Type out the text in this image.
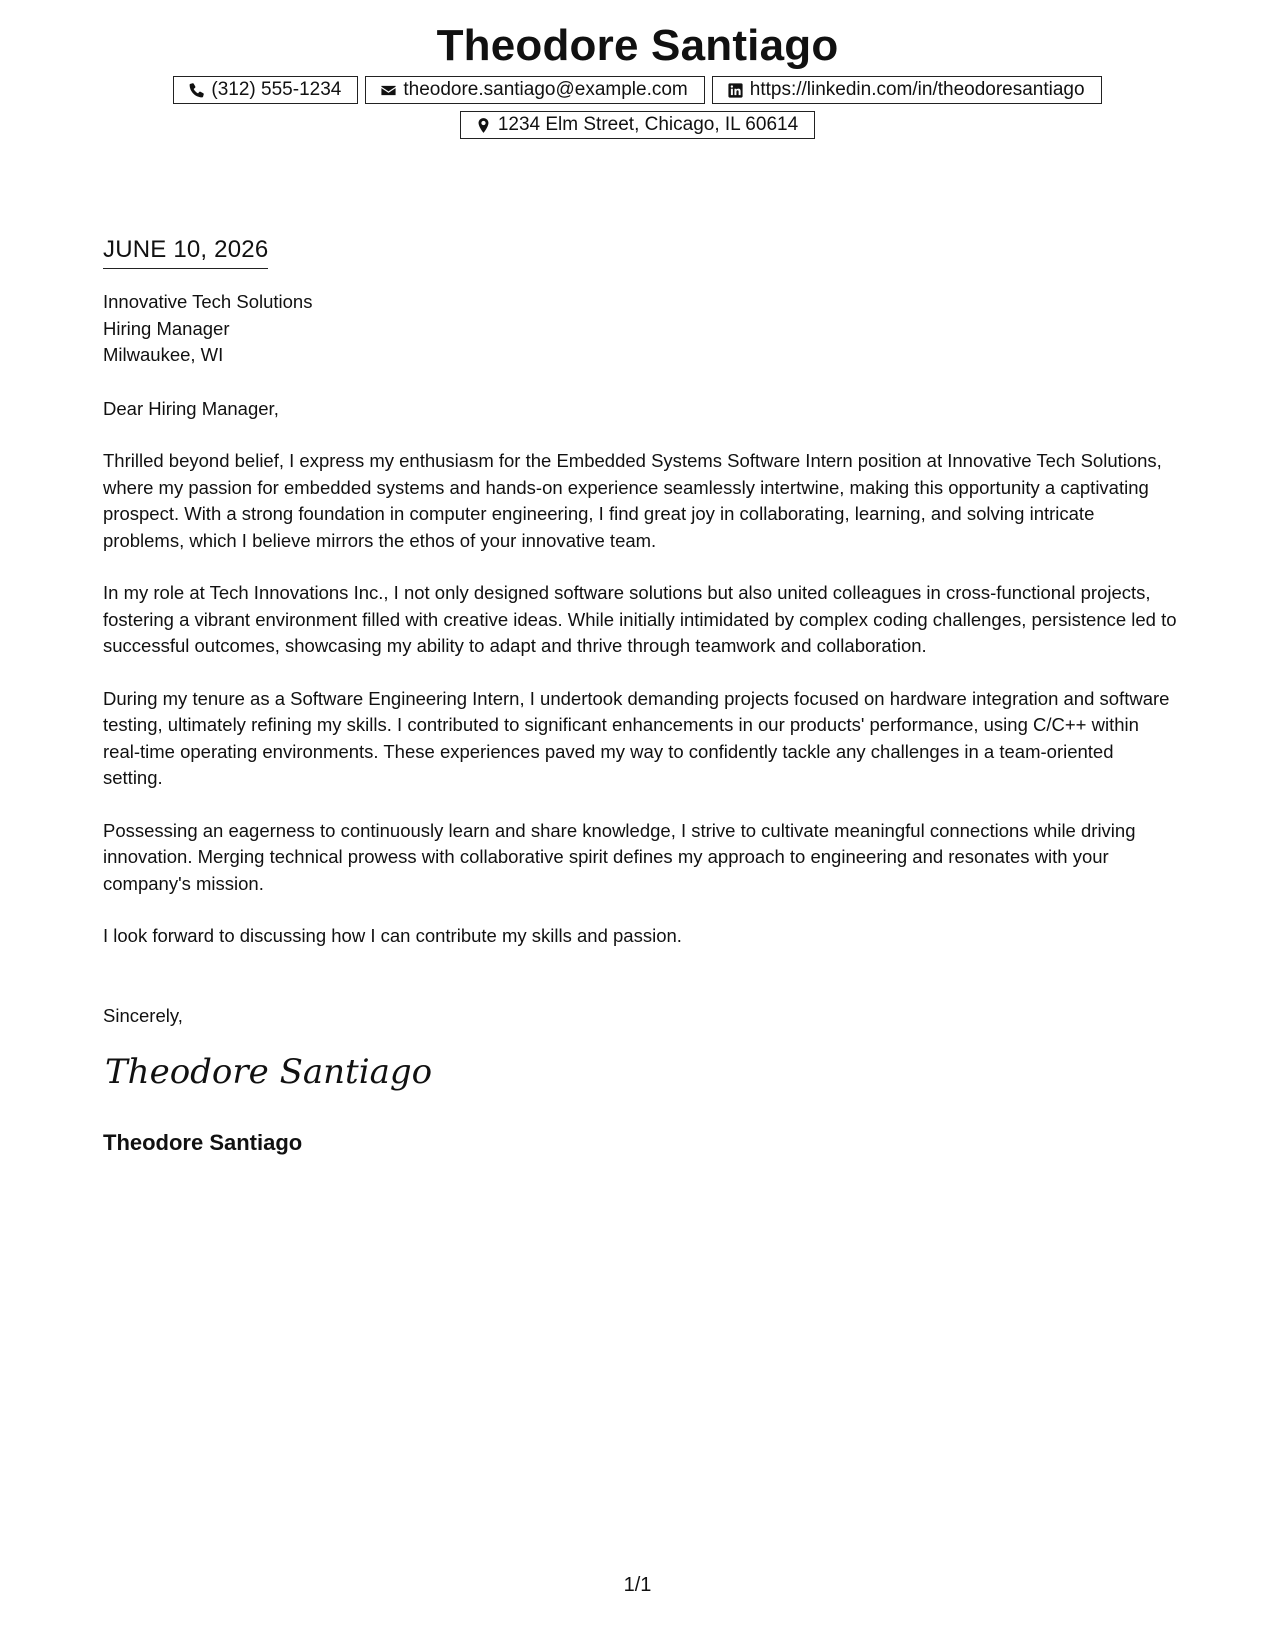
Theodore Santiago
(312) 555-1234	theodore.santiago@example.com	https://linkedin.com/in/theodoresantiago
1234 Elm Street, Chicago, IL 60614
JUNE 10, 2026
Innovative Tech Solutions
Hiring Manager
Milwaukee, WI
Dear Hiring Manager,

Thrilled beyond belief, I express my enthusiasm for the Embedded Systems Software Intern position at Innovative Tech Solutions, where my passion for embedded systems and hands-on experience seamlessly intertwine, making this opportunity a captivating prospect. With a strong foundation in computer engineering, I find great joy in collaborating, learning, and solving intricate problems, which I believe mirrors the ethos of your innovative team.

In my role at Tech Innovations Inc., I not only designed software solutions but also united colleagues in cross-functional projects, fostering a vibrant environment filled with creative ideas. While initially intimidated by complex coding challenges, persistence led to successful outcomes, showcasing my ability to adapt and thrive through teamwork and collaboration.

During my tenure as a Software Engineering Intern, I undertook demanding projects focused on hardware integration and software testing, ultimately refining my skills. I contributed to significant enhancements in our products' performance, using C/C++ within real-time operating environments. These experiences paved my way to confidently tackle any challenges in a team-oriented setting.

Possessing an eagerness to continuously learn and share knowledge, I strive to cultivate meaningful connections while driving innovation. Merging technical prowess with collaborative spirit defines my approach to engineering and resonates with your company's mission.

I look forward to discussing how I can contribute my skills and passion.

Sincerely,
Theodore Santiago
Theodore Santiago
1/1
